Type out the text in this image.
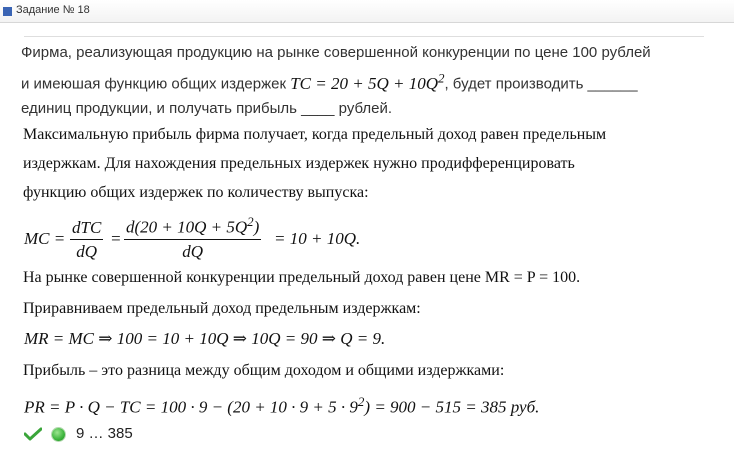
Задание № 18
Фирма, реализующая продукцию на рынке совершенной конкуренции по цене 100 рублей
и имеюшая функцию общих издержек TC = $20 + 5Q + 10Q^2$, будет производить ______
единиц продукции, и получать прибыль ____ рублей.
Максимальную прибыль фирма получает, когда предельный доход равен предельным
издержкам. Для нахождения предельных издержек нужно продифференцировать
функцию общих издержек по количеству выпуска:
MC =
dTC
dQ
= $\frac{d(20 + 10Q + 5Q^2)}{dQ} = 10 + 10Q$.
На рынке совершенной конкуренции предельный доход равен цене MR = P = 100.
Приравниваем предельный доход предельным издержкам:
MR = MC ⇒ 100 = 10 + 10Q ⇒ 10Q = 90 ⇒ Q = 9.
Прибыль – это разница между общим доходом и общими издержками:
PR = P · Q − TC = $100 \cdot 9 - (20 + 10 \cdot 9 + 5 \cdot 9^2) = 900 - 515 = 385$ руб.
9 … 385
